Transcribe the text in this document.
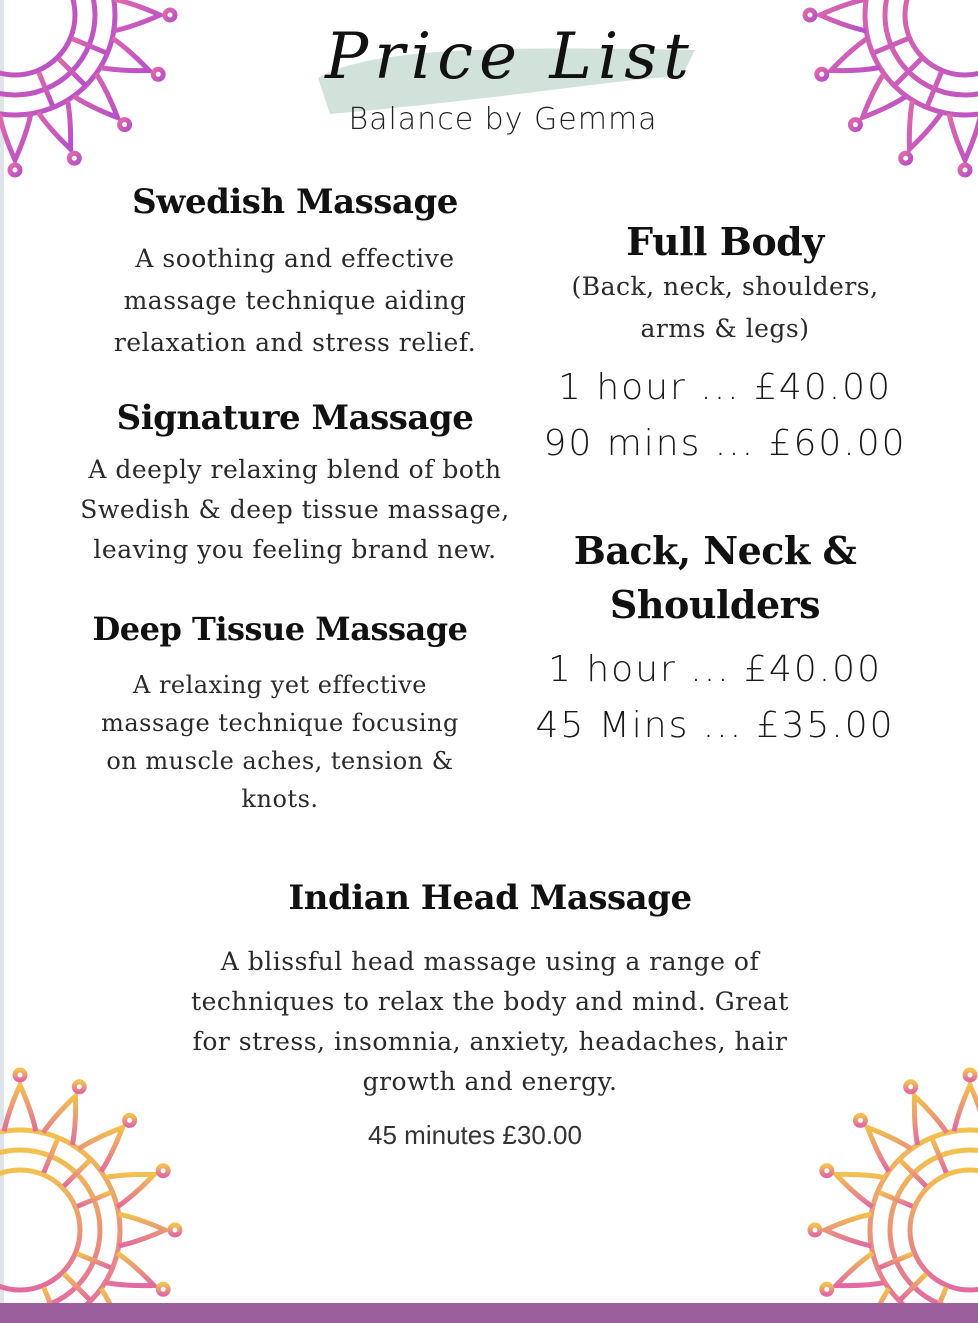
Price List
Balance by Gemma
Swedish Massage
A soothing and effective
massage technique aiding
relaxation and stress relief.
Signature Massage
A deeply relaxing blend of both
Swedish & deep tissue massage,
leaving you feeling brand new.
Deep Tissue Massage
A relaxing yet effective
massage technique focusing
on muscle aches, tension &
knots.
Full Body
(Back, neck, shoulders,
arms & legs)
1 hour ... £40.00
90 mins ... £60.00
Back, Neck &
Shoulders
1 hour ... £40.00
45 Mins ... £35.00
Indian Head Massage
A blissful head massage using a range of
techniques to relax the body and mind. Great
for stress, insomnia, anxiety, headaches, hair
growth and energy.
45 minutes £30.00
